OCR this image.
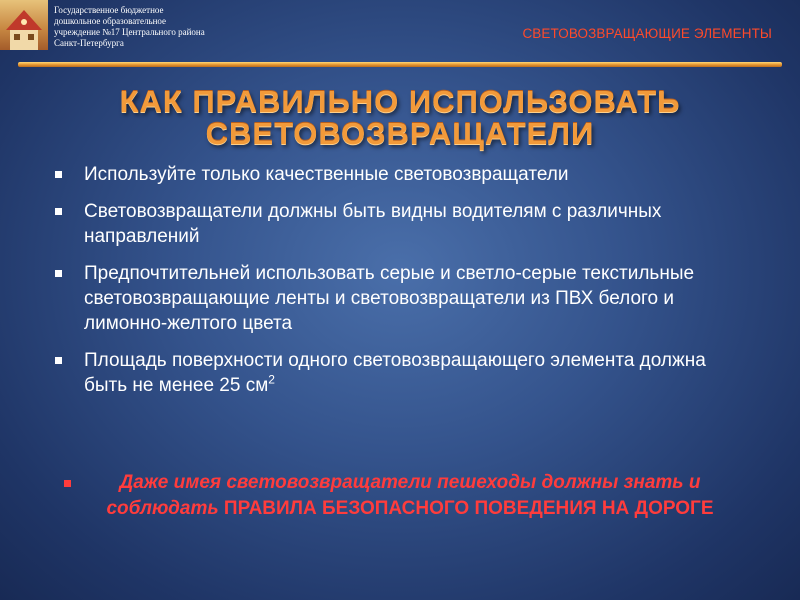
Государственное бюджетное
дошкольное образовательное
учреждение №17 Центрального района
Санкт-Петербурга
СВЕТОВОЗВРАЩАЮЩИЕ ЭЛЕМЕНТЫ
КАК ПРАВИЛЬНО ИСПОЛЬЗОВАТЬ
СВЕТОВОЗВРАЩАТЕЛИ
Используйте только качественные световозвращатели
Световозвращатели должны быть видны водителям с различных направлений
Предпочтительней использовать серые и светло-серые текстильные световозвращающие ленты и световозвращатели из ПВХ белого и лимонно-желтого цвета
Площадь поверхности одного световозвращающего элемента должна быть не менее 25 $см^2$
Даже имея световозвращатели пешеходы должны знать и соблюдать ПРАВИЛА БЕЗОПАСНОГО ПОВЕДЕНИЯ НА ДОРОГЕ
